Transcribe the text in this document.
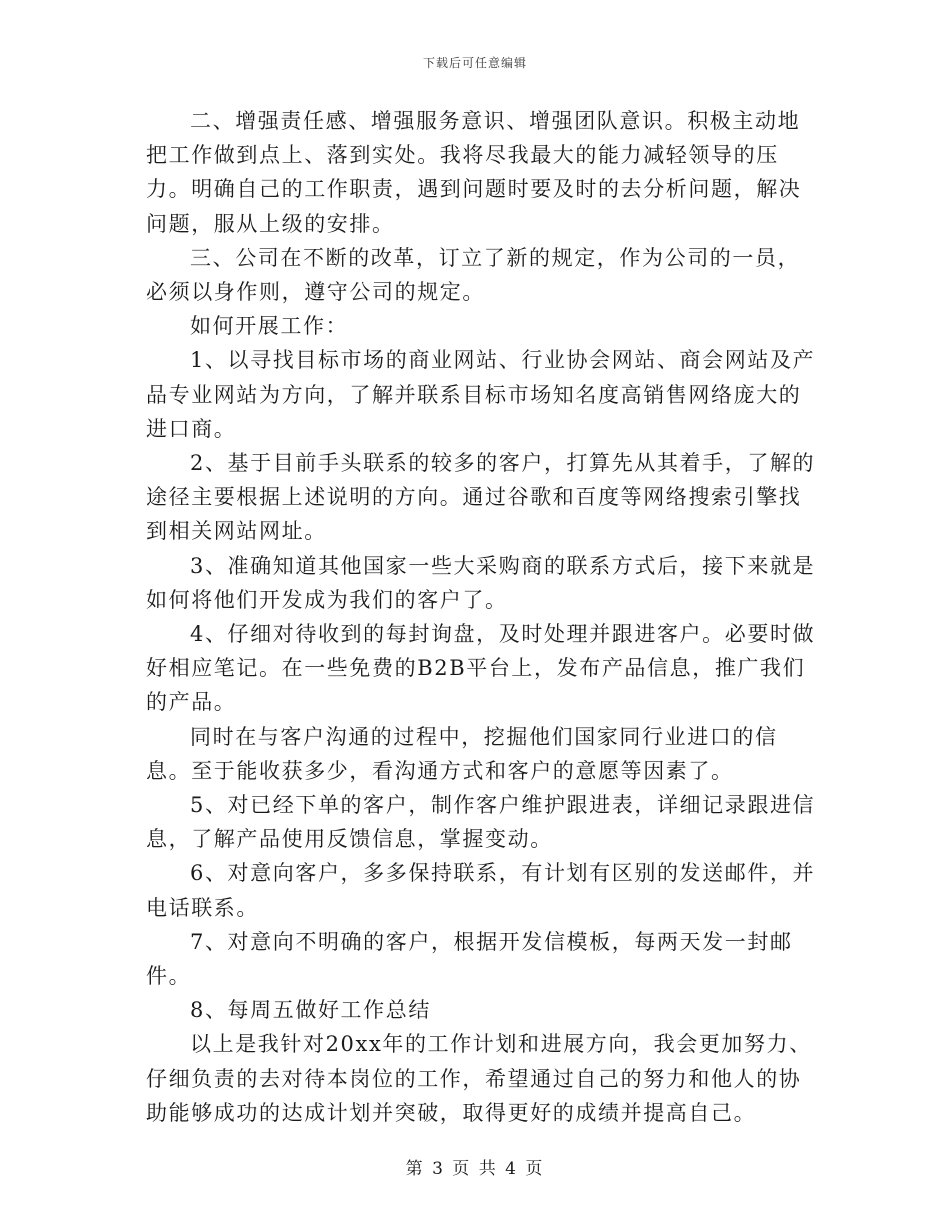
下载后可任意编辑

二、增强责任感、增强服务意识、增强团队意识。积极主动地把工作做到点上、落到实处。我将尽我最大的能力减轻领导的压力。明确自己的工作职责，遇到问题时要及时的去分析问题，解决问题，服从上级的安排。

三、公司在不断的改革，订立了新的规定，作为公司的一员，必须以身作则，遵守公司的规定。

如何开展工作：

1、以寻找目标市场的商业网站、行业协会网站、商会网站及产品专业网站为方向，了解并联系目标市场知名度高销售网络庞大的进口商。

2、基于目前手头联系的较多的客户，打算先从其着手，了解的途径主要根据上述说明的方向。通过谷歌和百度等网络搜索引擎找到相关网站网址。

3、准确知道其他国家一些大采购商的联系方式后，接下来就是如何将他们开发成为我们的客户了。

4、仔细对待收到的每封询盘，及时处理并跟进客户。必要时做好相应笔记。在一些免费的B2B平台上，发布产品信息，推广我们的产品。

同时在与客户沟通的过程中，挖掘他们国家同行业进口的信息。至于能收获多少，看沟通方式和客户的意愿等因素了。

5、对已经下单的客户，制作客户维护跟进表，详细记录跟进信息，了解产品使用反馈信息，掌握变动。

6、对意向客户，多多保持联系，有计划有区别的发送邮件，并电话联系。

7、对意向不明确的客户，根据开发信模板，每两天发一封邮件。

8、每周五做好工作总结

以上是我针对20xx年的工作计划和进展方向，我会更加努力、仔细负责的去对待本岗位的工作，希望通过自己的努力和他人的协助能够成功的达成计划并突破，取得更好的成绩并提高自己。

第 3 页 共 4 页
